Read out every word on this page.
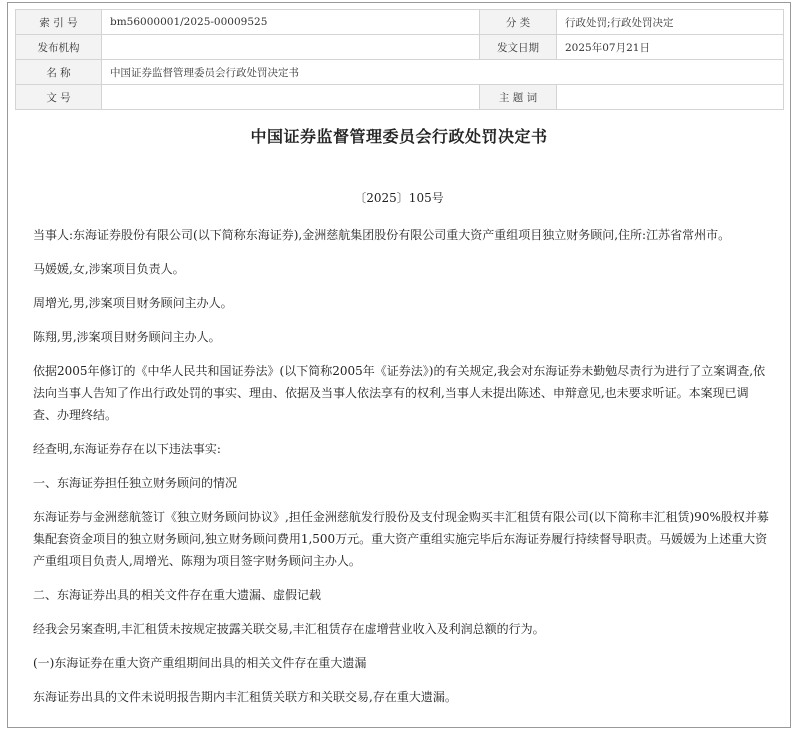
索 引 号	bm56000001/2025-00009525	分 类	行政处罚;行政处罚决定
发布机构		发文日期	2025年07月21日
名 称	中国证券监督管理委员会行政处罚决定书		
文 号		主 题 词	
中国证券监督管理委员会行政处罚决定书
〔2025〕105号

当事人:东海证券股份有限公司(以下简称东海证券),金洲慈航集团股份有限公司重大资产重组项目独立财务顾问,住所:江苏省常州市。

马媛媛,女,涉案项目负责人。

周增光,男,涉案项目财务顾问主办人。

陈翔,男,涉案项目财务顾问主办人。

依据2005年修订的《中华人民共和国证券法》(以下简称2005年《证券法》)的有关规定,我会对东海证券未勤勉尽责行为进行了立案调查,依法向当事人告知了作出行政处罚的事实、理由、依据及当事人依法享有的权利,当事人未提出陈述、申辩意见,也未要求听证。本案现已调查、办理终结。

经查明,东海证券存在以下违法事实:

一、东海证券担任独立财务顾问的情况

东海证券与金洲慈航签订《独立财务顾问协议》,担任金洲慈航发行股份及支付现金购买丰汇租赁有限公司(以下简称丰汇租赁)90%股权并募集配套资金项目的独立财务顾问,独立财务顾问费用1,500万元。重大资产重组实施完毕后东海证券履行持续督导职责。马媛媛为上述重大资产重组项目负责人,周增光、陈翔为项目签字财务顾问主办人。

二、东海证券出具的相关文件存在重大遗漏、虚假记载

经我会另案查明,丰汇租赁未按规定披露关联交易,丰汇租赁存在虚增营业收入及利润总额的行为。

(一)东海证券在重大资产重组期间出具的相关文件存在重大遗漏

东海证券出具的文件未说明报告期内丰汇租赁关联方和关联交易,存在重大遗漏。
